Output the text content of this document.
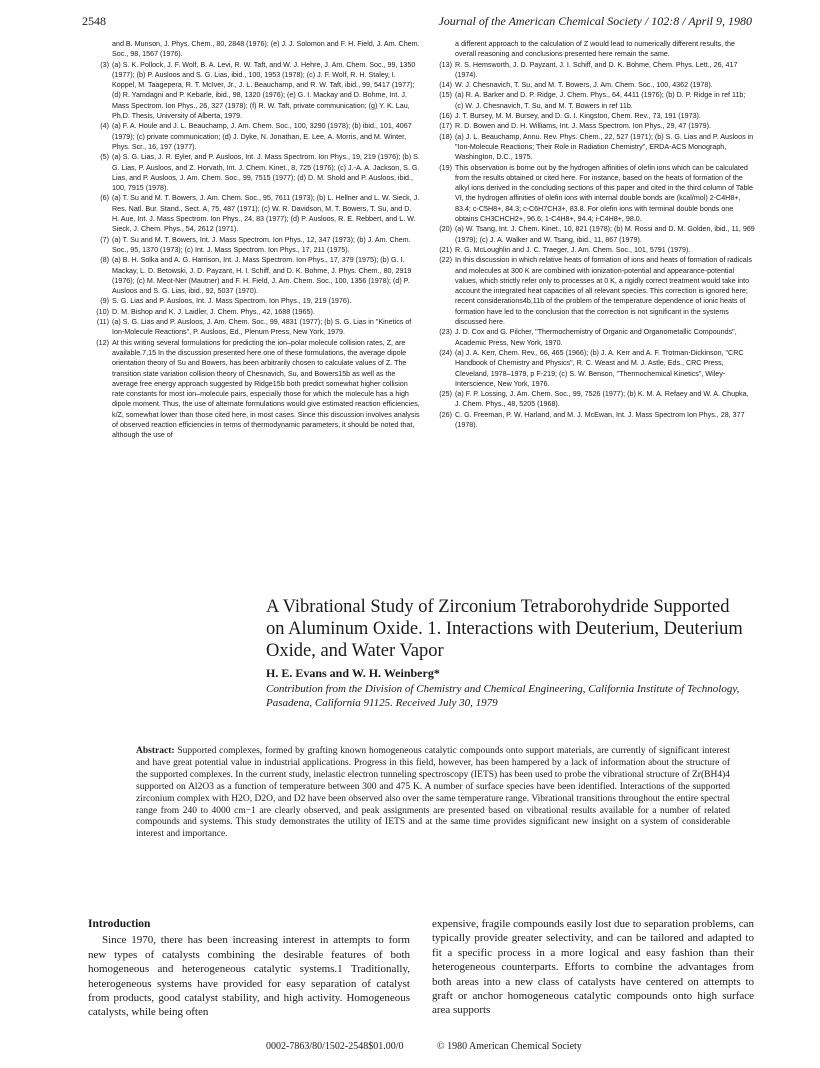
2548	Journal of the American Chemical Society / 102:8 / April 9, 1980
and B. Munson, J. Phys. Chem., 80, 2848 (1976); (e) J. J. Solomon and F. H. Field, J. Am. Chem. Soc., 98, 1567 (1976).
(3) (a) S. K. Pollock, J. F. Wolf, B. A. Levi, R. W. Taft, and W. J. Hehre, J. Am. Chem. Soc., 99, 1350 (1977); (b) P. Ausloos and S. G. Lias, ibid., 100, 1953 (1978); (c) J. F. Wolf, R. H. Staley, I. Koppel, M. Taagepera, R. T. McIver, Jr., J. L. Beauchamp, and R. W. Taft, ibid., 99, 5417 (1977); (d) R. Yamdagni and P. Kebarle, ibid., 98, 1320 (1976); (e) G. I. Mackay and D. Bohme, Int. J. Mass Spectrom. Ion Phys., 26, 327 (1978); (f) R. W. Taft, private communication; (g) Y. K. Lau, Ph.D. Thesis, University of Alberta, 1979.
(4) (a) F. A. Houle and J. L. Beauchamp, J. Am. Chem. Soc., 100, 3290 (1978); (b) ibid., 101, 4067 (1979); (c) private communication; (d) J. Dyke, N. Jonathan, E. Lee, A. Morris, and M. Winter, Phys. Scr., 16, 197 (1977).
(5) (a) S. G. Lias, J. R. Eyler, and P. Ausloos, Int. J. Mass Spectrom. Ion Phys., 19, 219 (1976); (b) S. G. Lias, P. Ausloos, and Z. Horvath, Int. J. Chem. Kinet., 8, 725 (1976); (c) J.-A. A. Jackson, S. G. Lias, and P. Ausloos, J. Am. Chem. Soc., 99, 7515 (1977); (d) D. M. Shold and P. Ausloos, ibid., 100, 7915 (1978).
(6) (a) T. Su and M. T. Bowers, J. Am. Chem. Soc., 95, 7611 (1973); (b) L. Hellner and L. W. Sieck, J. Res. Natl. Bur. Stand., Sect. A, 75, 487 (1971); (c) W. R. Davidson, M. T. Bowers, T. Su, and D. H. Aue, Int. J. Mass Spectrom. Ion Phys., 24, 83 (1977); (d) P. Ausloos, R. E. Rebbert, and L. W. Sieck, J. Chem. Phys., 54, 2612 (1971).
(7) (a) T. Su and M. T. Bowers, Int. J. Mass Spectrom. Ion Phys., 12, 347 (1973); (b) J. Am. Chem. Soc., 95, 1370 (1973); (c) Int. J. Mass Spectrom. Ion Phys., 17, 211 (1975).
(8) (a) B. H. Solka and A. G. Harrison, Int. J. Mass Spectrom. Ion Phys., 17, 379 (1975); (b) G. I. Mackay, L. D. Betowski, J. D. Payzant, H. I. Schiff, and D. K. Bohme, J. Phys. Chem., 80, 2919 (1976); (c) M. Meot-Ner (Mautner) and F. H. Field, J. Am. Chem. Soc., 100, 1356 (1978); (d) P. Ausloos and S. G. Lias, ibid., 92, 5037 (1970).
(9) S. G. Lias and P. Ausloos, Int. J. Mass Spectrom. Ion Phys., 19, 219 (1976).
(10) D. M. Bishop and K. J. Laidler, J. Chem. Phys., 42, 1688 (1965).
(11) (a) S. G. Lias and P. Ausloos, J. Am. Chem. Soc., 99, 4831 (1977); (b) S. G. Lias in "Kinetics of Ion-Molecule Reactions", P. Ausloos, Ed., Plenum Press, New York, 1979.
(12) At this writing several formulations for predicting the ion–polar molecule collision rates, Z, are available.7,15 In the discussion presented here one of these formulations, the average dipole orientation theory of Su and Bowers, has been arbitrarily chosen to calculate values of Z. The transition state variation collision theory of Chesnavich, Su, and Bowers15b as well as the average free energy approach suggested by Ridge15b both predict somewhat higher collision rate constants for most ion–molecule pairs, especially those for which the molecule has a high dipole moment. Thus, the use of alternate formulations would give estimated reaction efficiencies, k/Z, somewhat lower than those cited here, in most cases. Since this discussion involves analysis of observed reaction efficiencies in terms of thermodynamic parameters, it should be noted that, although the use of
a different approach to the calculation of Z would lead to numerically different results, the overall reasoning and conclusions presented here remain the same.
(13) R. S. Hemsworth, J. D. Payzant, J. I. Schiff, and D. K. Bohme, Chem. Phys. Lett., 26, 417 (1974).
(14) W. J. Chesnavich, T. Su, and M. T. Bowers, J. Am. Chem. Soc., 100, 4362 (1978).
(15) (a) R. A. Barker and D. P. Ridge, J. Chem. Phys., 64, 4411 (1976); (b) D. P. Ridge in ref 11b; (c) W. J. Chesnavich, T. Su, and M. T. Bowers in ref 11b.
(16) J. T. Bursey, M. M. Bursey, and D. G. I. Kingston, Chem. Rev., 73, 191 (1973).
(17) R. D. Bowen and D. H. Williams, Int. J. Mass Spectrom. Ion Phys., 29, 47 (1979).
(18) (a) J. L. Beauchamp, Annu. Rev. Phys. Chem., 22, 527 (1971); (b) S. G. Lias and P. Ausloos in "Ion-Molecule Reactions; Their Role in Radiation Chemistry", ERDA-ACS Monograph, Washington, D.C., 1975.
(19) This observation is borne out by the hydrogen affinities of olefin ions which can be calculated from the results obtained or cited here. For instance, based on the heats of formation of the alkyl ions derived in the concluding sections of this paper and cited in the third column of Table VI, the hydrogen affinities of olefin ions with internal double bonds are (kcal/mol) 2-C4H8+, 83.4; c-C5H8+, 84.3; c-C6H7CH3+, 83.8. For olefin ions with terminal double bonds one obtains CH3CHCH2+, 96.6; 1-C4H8+, 94.4; i-C4H8+, 98.0.
(20) (a) W. Tsang, Int. J. Chem. Kinet., 10, 821 (1978); (b) M. Rossi and D. M. Golden, ibid., 11, 969 (1979); (c) J. A. Walker and W. Tsang, ibid., 11, 867 (1979).
(21) R. G. McLoughlin and J. C. Traeger, J. Am. Chem. Soc., 101, 5791 (1979).
(22) In this discussion in which relative heats of formation of ions and heats of formation of radicals and molecules at 300 K are combined with ionization-potential and appearance-potential values, which strictly refer only to processes at 0 K, a rigidly correct treatment would take into account the integrated heat capacities of all relevant species. This correction is ignored here; recent considerations4b,11b of the problem of the temperature dependence of ionic heats of formation have led to the conclusion that the correction is not significant in the systems discussed here.
(23) J. D. Cox and G. Pilcher, "Thermochemistry of Organic and Organometallic Compounds", Academic Press, New York, 1970.
(24) (a) J. A. Kerr, Chem. Rev., 66, 465 (1966); (b) J. A. Kerr and A. F. Trotman-Dickinson, "CRC Handbook of Chemistry and Physics", R. C. Weast and M. J. Astle, Eds., CRC Press, Cleveland, 1978–1979, p F-219; (c) S. W. Benson, "Thermochemical Kinetics", Wiley-Interscience, New York, 1976.
(25) (a) F. P. Lossing, J. Am. Chem. Soc., 99, 7526 (1977); (b) K. M. A. Refaey and W. A. Chupka, J. Chem. Phys., 48, 5205 (1968).
(26) C. G. Freeman, P. W. Harland, and M. J. McEwan, Int. J. Mass Spectrom Ion Phys., 28, 377 (1978).
A Vibrational Study of Zirconium Tetraborohydride Supported on Aluminum Oxide. 1. Interactions with Deuterium, Deuterium Oxide, and Water Vapor
H. E. Evans and W. H. Weinberg*
Contribution from the Division of Chemistry and Chemical Engineering, California Institute of Technology, Pasadena, California 91125. Received July 30, 1979
Abstract: Supported complexes, formed by grafting known homogeneous catalytic compounds onto support materials, are currently of significant interest and have great potential value in industrial applications. Progress in this field, however, has been hampered by a lack of information about the structure of the supported complexes. In the current study, inelastic electron tunneling spectroscopy (IETS) has been used to probe the vibrational structure of Zr(BH4)4 supported on Al2O3 as a function of temperature between 300 and 475 K. A number of surface species have been identified. Interactions of the supported zirconium complex with H2O, D2O, and D2 have been observed also over the same temperature range. Vibrational transitions throughout the entire spectral range from 240 to 4000 cm−1 are clearly observed, and peak assignments are presented based on vibrational results available for a number of related compounds and systems. This study demonstrates the utility of IETS and at the same time provides significant new insight on a system of considerable interest and importance.
Introduction

Since 1970, there has been increasing interest in attempts to form new types of catalysts combining the desirable features of both homogeneous and heterogeneous catalytic systems.1 Traditionally, heterogeneous systems have provided for easy separation of catalyst from products, good catalyst stability, and high activity. Homogeneous catalysts, while being often

expensive, fragile compounds easily lost due to separation problems, can typically provide greater selectivity, and can be tailored and adapted to fit a specific process in a more logical and easy fashion than their heterogeneous counterparts. Efforts to combine the advantages from both areas into a new class of catalysts have centered on attempts to graft or anchor homogeneous catalytic compounds onto high surface area supports

0002-7863/80/1502-2548$01.00/0	© 1980 American Chemical Society
